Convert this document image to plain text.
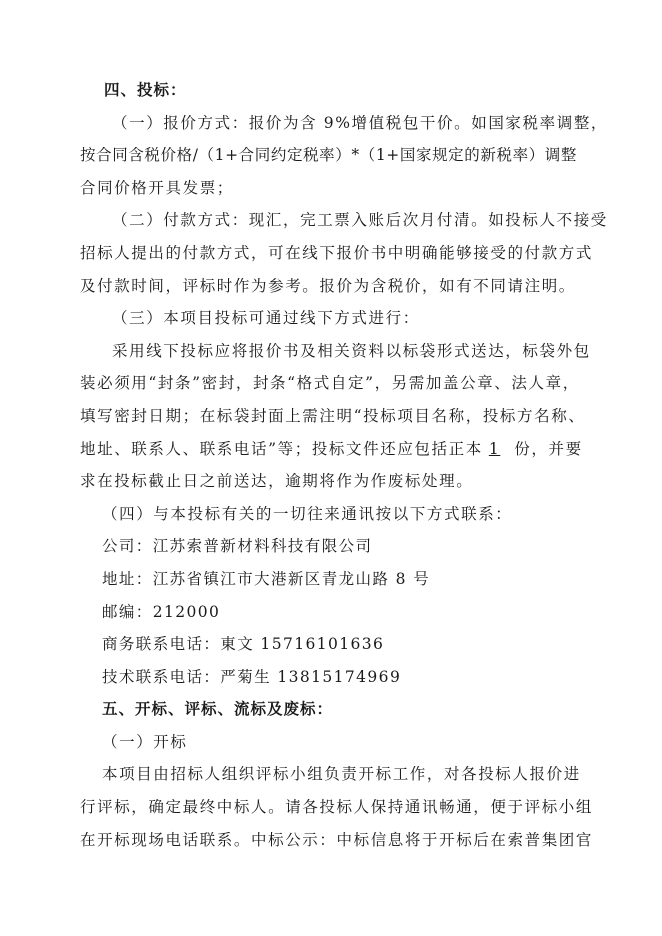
四、投标：
（一）报价方式：报价为含 9%增值税包干价。如国家税率调整，
按合同含税价格/（1+合同约定税率）*（1+国家规定的新税率）调整
合同价格开具发票；
（二）付款方式：现汇，完工票入账后次月付清。如投标人不接受
招标人提出的付款方式，可在线下报价书中明确能够接受的付款方式
及付款时间，评标时作为参考。报价为含税价，如有不同请注明。
（三）本项目投标可通过线下方式进行：
采用线下投标应将报价书及相关资料以标袋形式送达，标袋外包
装必须用“封条”密封，封条“格式自定”，另需加盖公章、法人章，
填写密封日期；在标袋封面上需注明“投标项目名称，投标方名称、
地址、联系人、联系电话”等；投标文件还应包括正本 1 份，并要
求在投标截止日之前送达，逾期将作为作废标处理。
（四）与本投标有关的一切往来通讯按以下方式联系：
公司：江苏索普新材料科技有限公司
地址：江苏省镇江市大港新区青龙山路 8 号
邮编：212000
商务联系电话：東文 15716101636
技术联系电话：严菊生 13815174969
五、开标、评标、流标及废标：
（一）开标
本项目由招标人组织评标小组负责开标工作，对各投标人报价进
行评标，确定最终中标人。请各投标人保持通讯畅通，便于评标小组
在开标现场电话联系。中标公示：中标信息将于开标后在索普集团官
